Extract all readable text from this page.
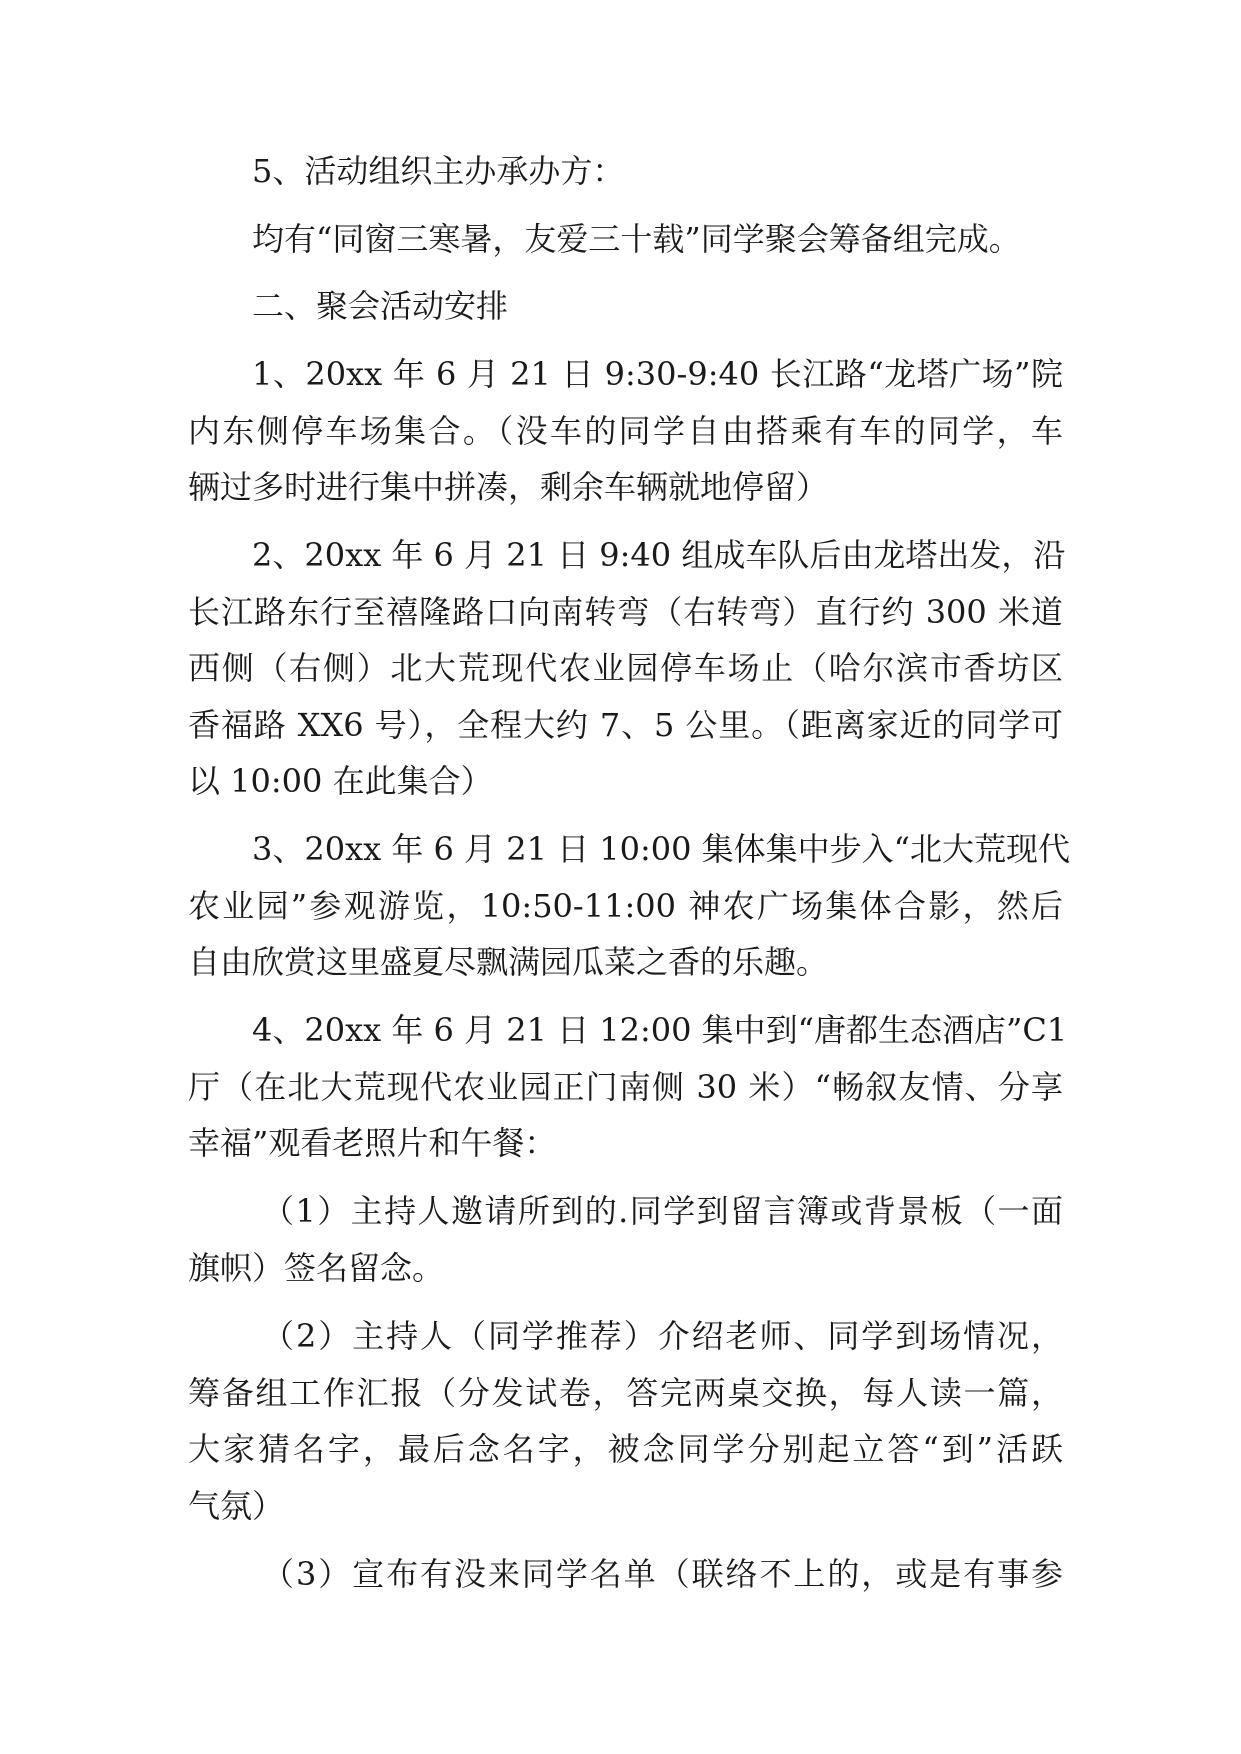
5、活动组织主办承办方：
均有“同窗三寒暑，友爱三十载”同学聚会筹备组完成。
二、聚会活动安排
1、20xx 年 6 月 21 日 9:30-9:40 长江路“龙塔广场”院
内东侧停车场集合。（没车的同学自由搭乘有车的同学，车
辆过多时进行集中拼凑，剩余车辆就地停留）
2、20xx 年 6 月 21 日 9:40 组成车队后由龙塔出发，沿
长江路东行至禧隆路口向南转弯（右转弯）直行约 300 米道
西侧（右侧）北大荒现代农业园停车场止（哈尔滨市香坊区
香福路 XX6 号），全程大约 7、5 公里。（距离家近的同学可
以 10:00 在此集合）
3、20xx 年 6 月 21 日 10:00 集体集中步入“北大荒现代
农业园”参观游览，10:50-11:00 神农广场集体合影，然后
自由欣赏这里盛夏尽飘满园瓜菜之香的乐趣。
4、20xx 年 6 月 21 日 12:00 集中到“唐都生态酒店”C1
厅（在北大荒现代农业园正门南侧 30 米）“畅叙友情、分享
幸福”观看老照片和午餐：
（1）主持人邀请所到的.同学到留言簿或背景板（一面
旗帜）签名留念。
（2）主持人（同学推荐）介绍老师、同学到场情况，
筹备组工作汇报（分发试卷，答完两桌交换，每人读一篇，
大家猜名字，最后念名字，被念同学分别起立答“到”活跃
气氛）
（3）宣布有没来同学名单（联络不上的，或是有事参
